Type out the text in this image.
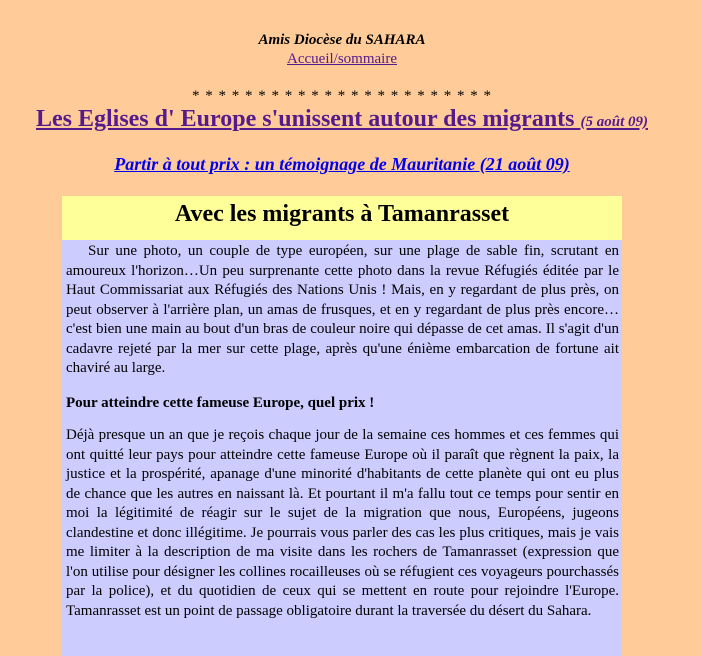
Amis Diocèse du SAHARA
Accueil/sommaire
* * * * * * * * * * * * * * * * * * * * * * *
Les Eglises d' Europe s'unissent autour des migrants (5 août 09)
Partir à tout prix : un témoignage de Mauritanie (21 août 09)
Avec les migrants à Tamanrasset

Sur une photo, un couple de type européen, sur une plage de sable fin, scrutant en amoureux l'horizon…Un peu surprenante cette photo dans la revue Réfugiés éditée par le Haut Commissariat aux Réfugiés des Nations Unis ! Mais, en y regardant de plus près, on peut observer à l'arrière plan, un amas de frusques, et en y regardant de plus près encore… c'est bien une main au bout d'un bras de couleur noire qui dépasse de cet amas. Il s'agit d'un cadavre rejeté par la mer sur cette plage, après qu'une énième embarcation de fortune ait chaviré au large.

Pour atteindre cette fameuse Europe, quel prix !

Déjà presque un an que je reçois chaque jour de la semaine ces hommes et ces femmes qui ont quitté leur pays pour atteindre cette fameuse Europe où il paraît que règnent la paix, la justice et la prospérité, apanage d'une minorité d'habitants de cette planète qui ont eu plus de chance que les autres en naissant là. Et pourtant il m'a fallu tout ce temps pour sentir en moi la légitimité de réagir sur le sujet de la migration que nous, Européens, jugeons clandestine et donc illégitime. Je pourrais vous parler des cas les plus critiques, mais je vais me limiter à la description de ma visite dans les rochers de Tamanrasset (expression que l'on utilise pour désigner les collines rocailleuses où se réfugient ces voyageurs pourchassés par la police), et du quotidien de ceux qui se mettent en route pour rejoindre l'Europe. Tamanrasset est un point de passage obligatoire durant la traversée du désert du Sahara.
